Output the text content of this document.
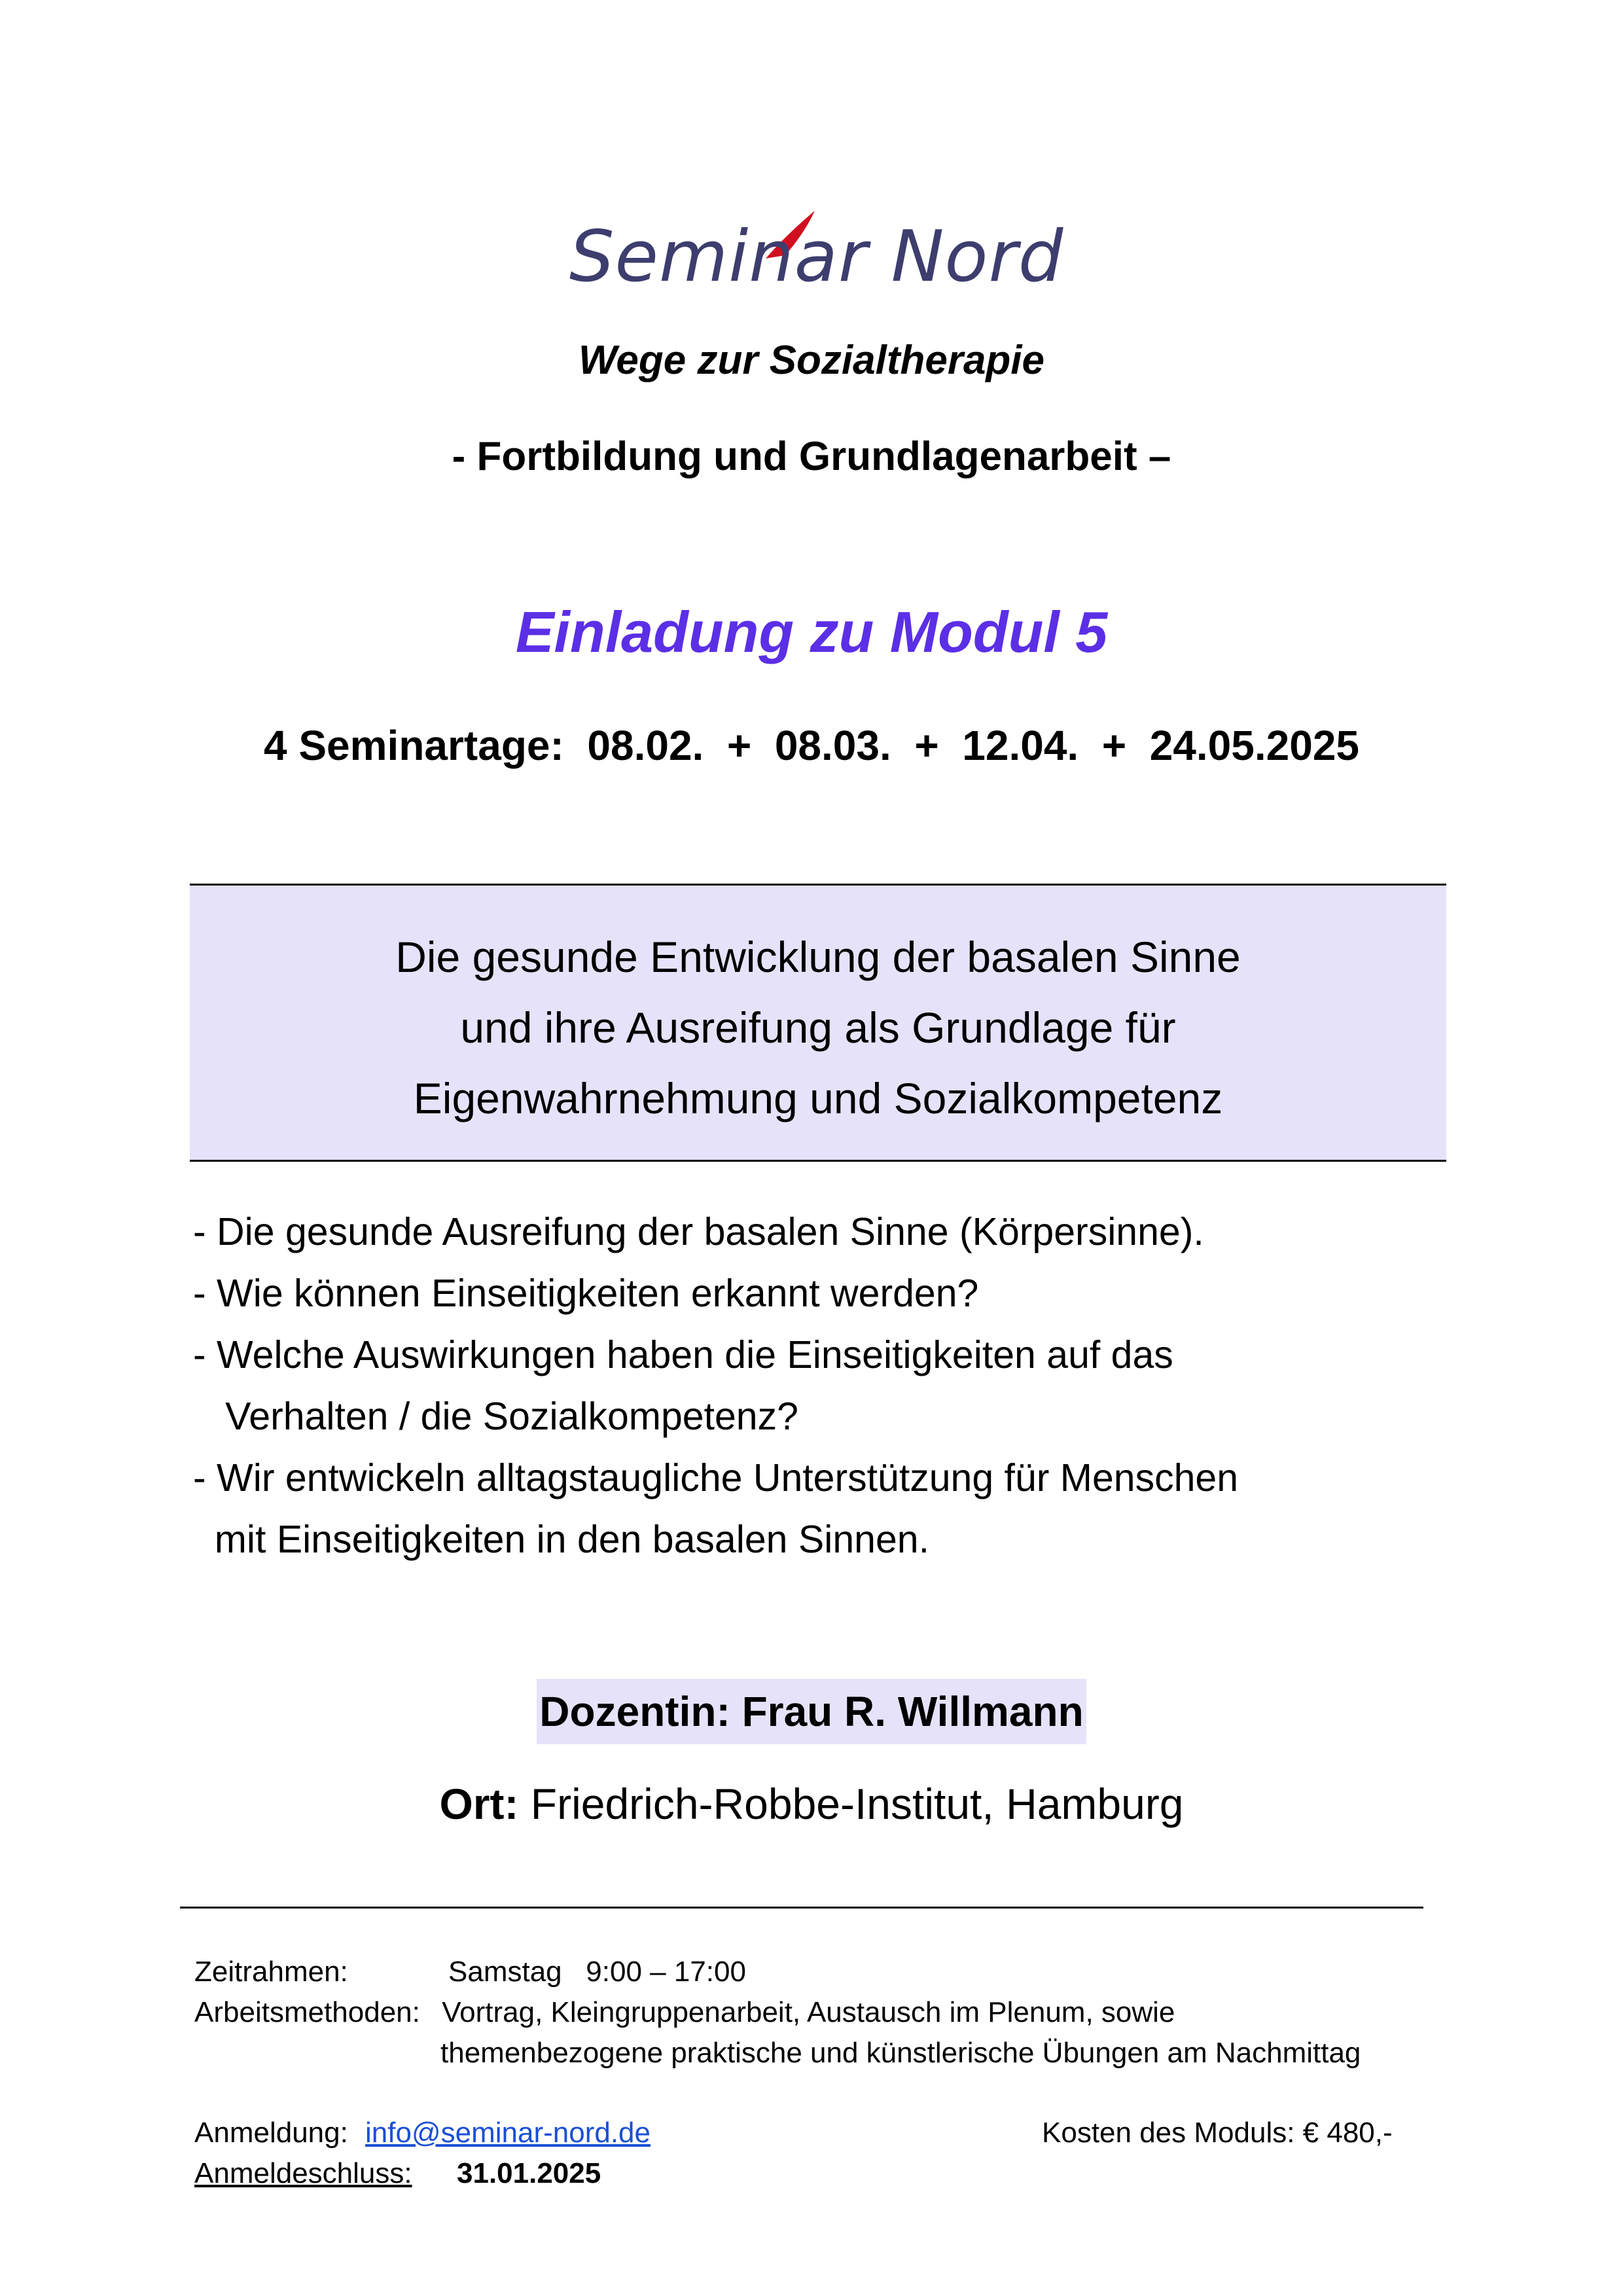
Seminar Nord
Wege zur Sozialtherapie
- Fortbildung und Grundlagenarbeit –
Einladung zu Modul 5
4 Seminartage:  08.02.  +  08.03.  +  12.04.  +  24.05.2025
Die gesunde Entwicklung der basalen Sinne
und ihre Ausreifung als Grundlage für
Eigenwahrnehmung und Sozialkompetenz
- Die gesunde Ausreifung der basalen Sinne (Körpersinne).
- Wie können Einseitigkeiten erkannt werden?
- Welche Auswirkungen haben die Einseitigkeiten auf das
Verhalten / die Sozialkompetenz?
- Wir entwickeln alltagstaugliche Unterstützung für Menschen
mit Einseitigkeiten in den basalen Sinnen.
Dozentin: Frau R. Willmann
Ort: Friedrich-Robbe-Institut, Hamburg
Zeitrahmen:	Samstag   9:00 – 17:00
Arbeitsmethoden: Vortrag, Kleingruppenarbeit, Austausch im Plenum, sowie
themenbezogene praktische und künstlerische Übungen am Nachmittag
Anmeldung: info@seminar-nord.de	Kosten des Moduls: € 480,-
Anmeldeschluss: 31.01.2025
